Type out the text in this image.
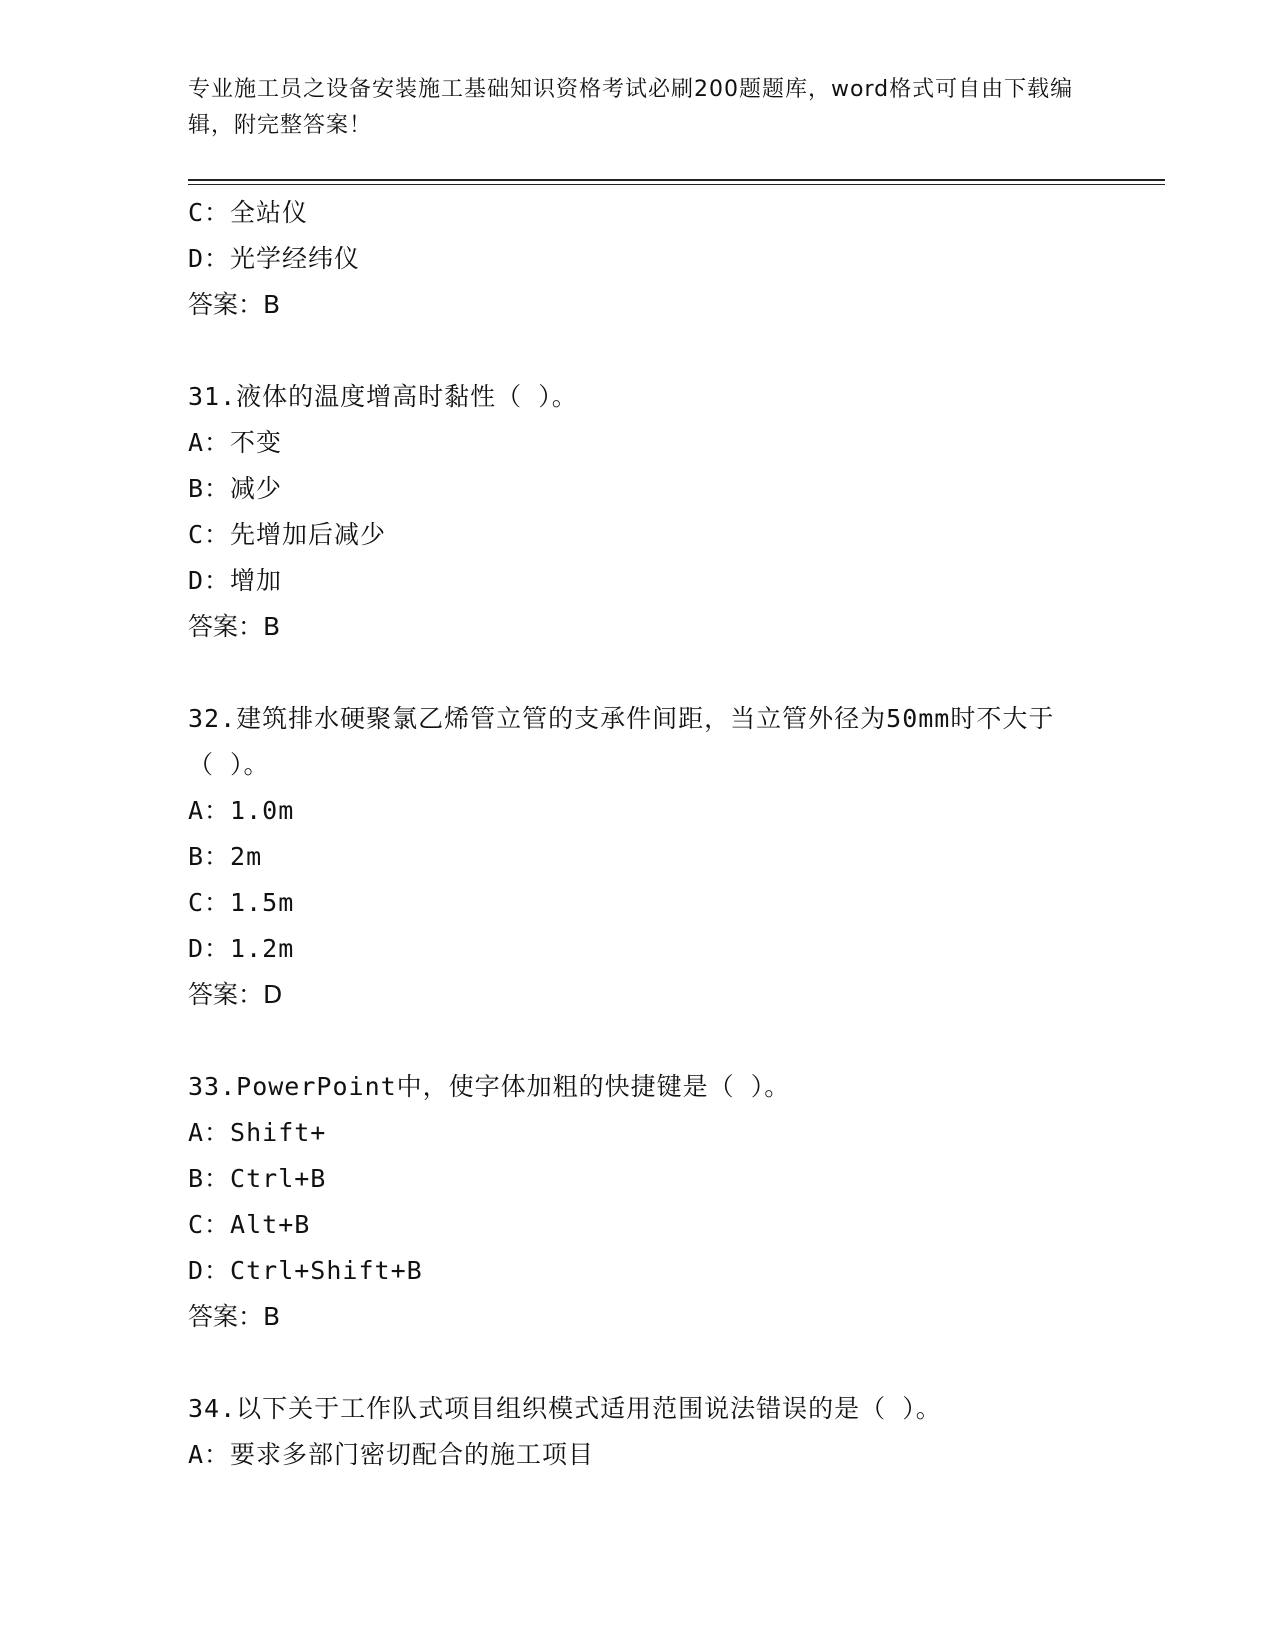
专业施工员之设备安装施工基础知识资格考试必刷200题题库，word格式可自由下载编辑，附完整答案！
C：全站仪
D：光学经纬仪
答案：B
31.液体的温度增高时黏性（ ）。
A：不变
B：减少
C：先增加后减少
D：增加
答案：B
32.建筑排水硬聚氯乙烯管立管的支承件间距，当立管外径为50mm时不大于（ ）。
A：1.0m
B：2m
C：1.5m
D：1.2m
答案：D
33.PowerPoint中，使字体加粗的快捷键是（ ）。
A：Shift+
B：Ctrl+B
C：Alt+B
D：Ctrl+Shift+B
答案：B
34.以下关于工作队式项目组织模式适用范围说法错误的是（ ）。
A：要求多部门密切配合的施工项目
